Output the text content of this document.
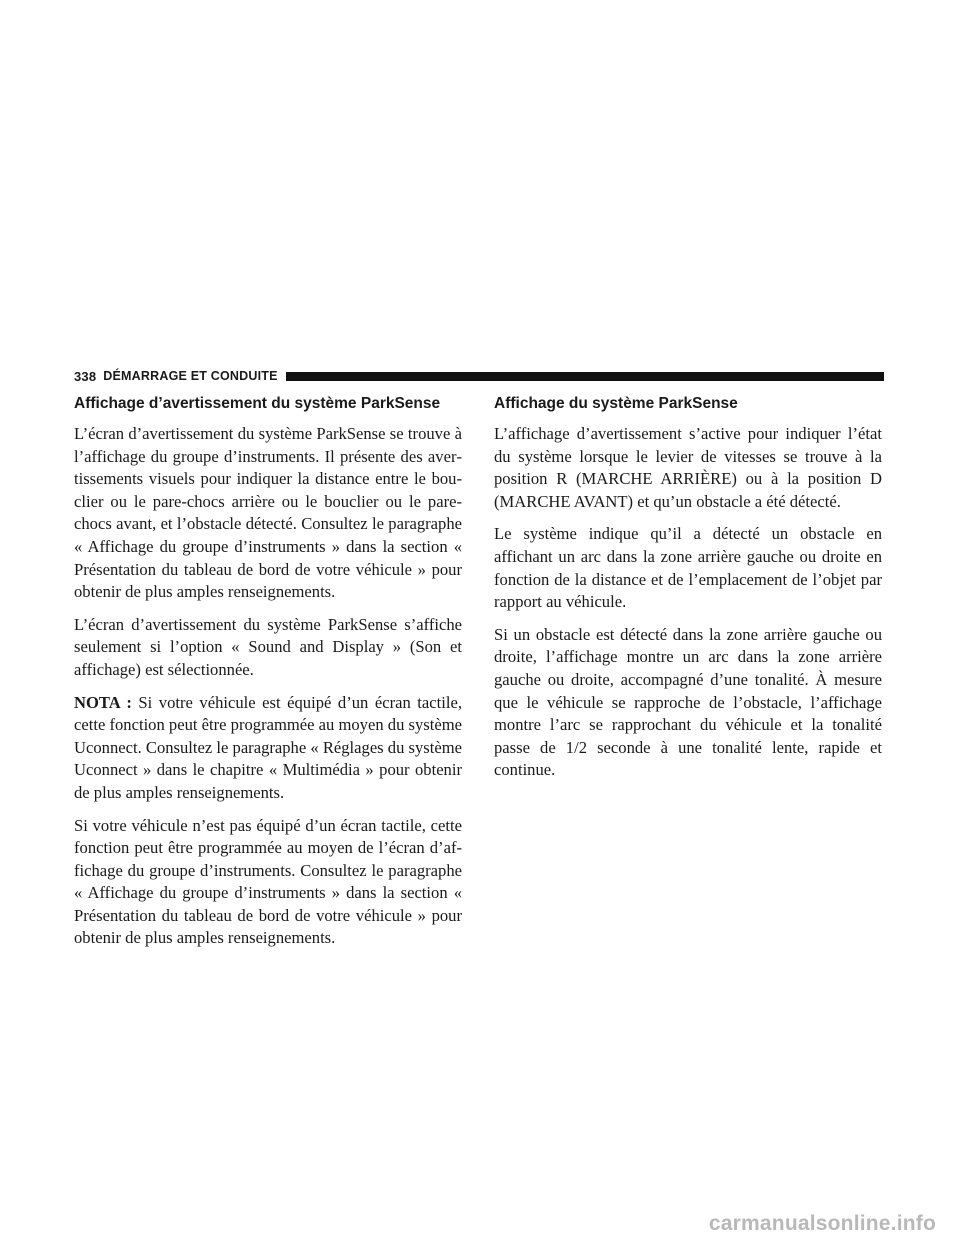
338 DÉMARRAGE ET CONDUITE
Affichage d’avertissement du système ParkSense

L’écran d’avertissement du système ParkSense se trouve à l’affichage du groupe d’instruments. Il présente des avertissements visuels pour indiquer la distance entre le bouclier ou le pare-chocs arrière ou le bouclier ou le pare-chocs avant, et l’obstacle détecté. Consultez le paragraphe « Affichage du groupe d’instruments » dans la section « Présentation du tableau de bord de votre véhicule » pour obtenir de plus amples renseignements.

L’écran d’avertissement du système ParkSense s’affiche seulement si l’option « Sound and Display » (Son et affichage) est sélectionnée.

NOTA : Si votre véhicule est équipé d’un écran tactile, cette fonction peut être programmée au moyen du système Uconnect. Consultez le paragraphe « Réglages du système Uconnect » dans le chapitre « Multimédia » pour obtenir de plus amples renseignements.

Si votre véhicule n’est pas équipé d’un écran tactile, cette fonction peut être programmée au moyen de l’écran d’affichage du groupe d’instruments. Consultez le paragraphe « Affichage du groupe d’instruments » dans la section « Présentation du tableau de bord de votre véhicule » pour obtenir de plus amples renseignements.

Affichage du système ParkSense

L’affichage d’avertissement s’active pour indiquer l’état du système lorsque le levier de vitesses se trouve à la position R (MARCHE ARRIÈRE) ou à la position D (MARCHE AVANT) et qu’un obstacle a été détecté.

Le système indique qu’il a détecté un obstacle en affichant un arc dans la zone arrière gauche ou droite en fonction de la distance et de l’emplacement de l’objet par rapport au véhicule.

Si un obstacle est détecté dans la zone arrière gauche ou droite, l’affichage montre un arc dans la zone arrière gauche ou droite, accompagné d’une tonalité. À mesure que le véhicule se rapproche de l’obstacle, l’affichage montre l’arc se rapprochant du véhicule et la tonalité passe de 1/2 seconde à une tonalité lente, rapide et continue.

carmanualsonline.info
